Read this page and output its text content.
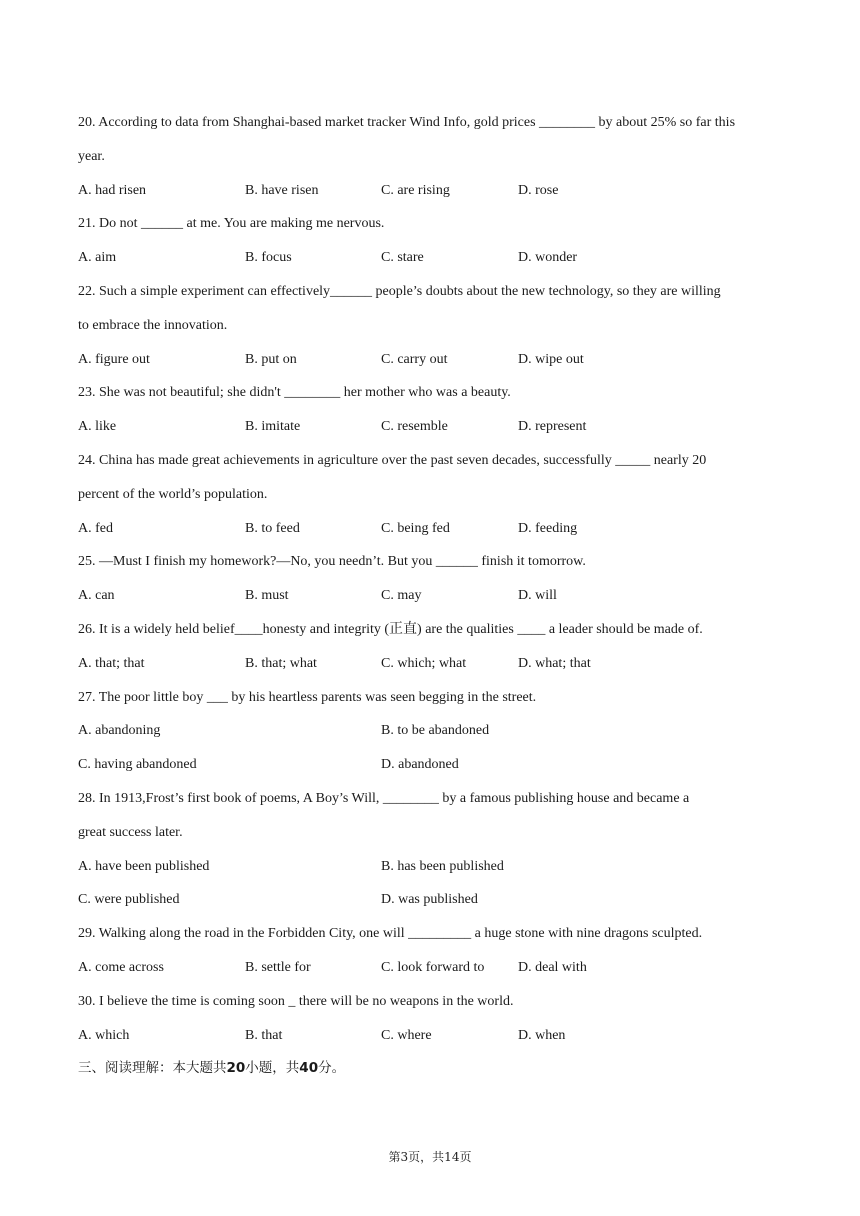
20. According to data from Shanghai-based market tracker Wind Info, gold prices ________ by about 25% so far this
year.
A. had risen	B. have risen	C. are rising	D. rose
21. Do not ______ at me. You are making me nervous.
A. aim	B. focus	C. stare	D. wonder
22. Such a simple experiment can effectively______ people’s doubts about the new technology, so they are willing
to embrace the innovation.
A. figure out	B. put on	C. carry out	D. wipe out
23. She was not beautiful; she didn't ________ her mother who was a beauty.
A. like	B. imitate	C. resemble	D. represent
24. China has made great achievements in agriculture over the past seven decades, successfully _____ nearly 20
percent of the world’s population.
A. fed	B. to feed	C. being fed	D. feeding
25. —Must I finish my homework?—No, you needn’t. But you ______ finish it tomorrow.
A. can	B. must	C. may	D. will
26. It is a widely held belief____honesty and integrity (正直) are the qualities ____ a leader should be made of.
A. that; that	B. that; what	C. which; what	D. what; that
27. The poor little boy ___ by his heartless parents was seen begging in the street.
A. abandoning	B. to be abandoned
C. having abandoned	D. abandoned
28. In 1913,Frost’s first book of poems, A Boy’s Will, ________ by a famous publishing house and became a
great success later.
A. have been published	B. has been published
C. were published	D. was published
29. Walking along the road in the Forbidden City, one will _________ a huge stone with nine dragons sculpted.
A. come across	B. settle for	C. look forward to D. deal with
30. I believe the time is coming soon _ there will be no weapons in the world.
A. which	B. that	C. where	D. when
三、阅读理解：本大题共20小题，共40分。
第3页，共14页
